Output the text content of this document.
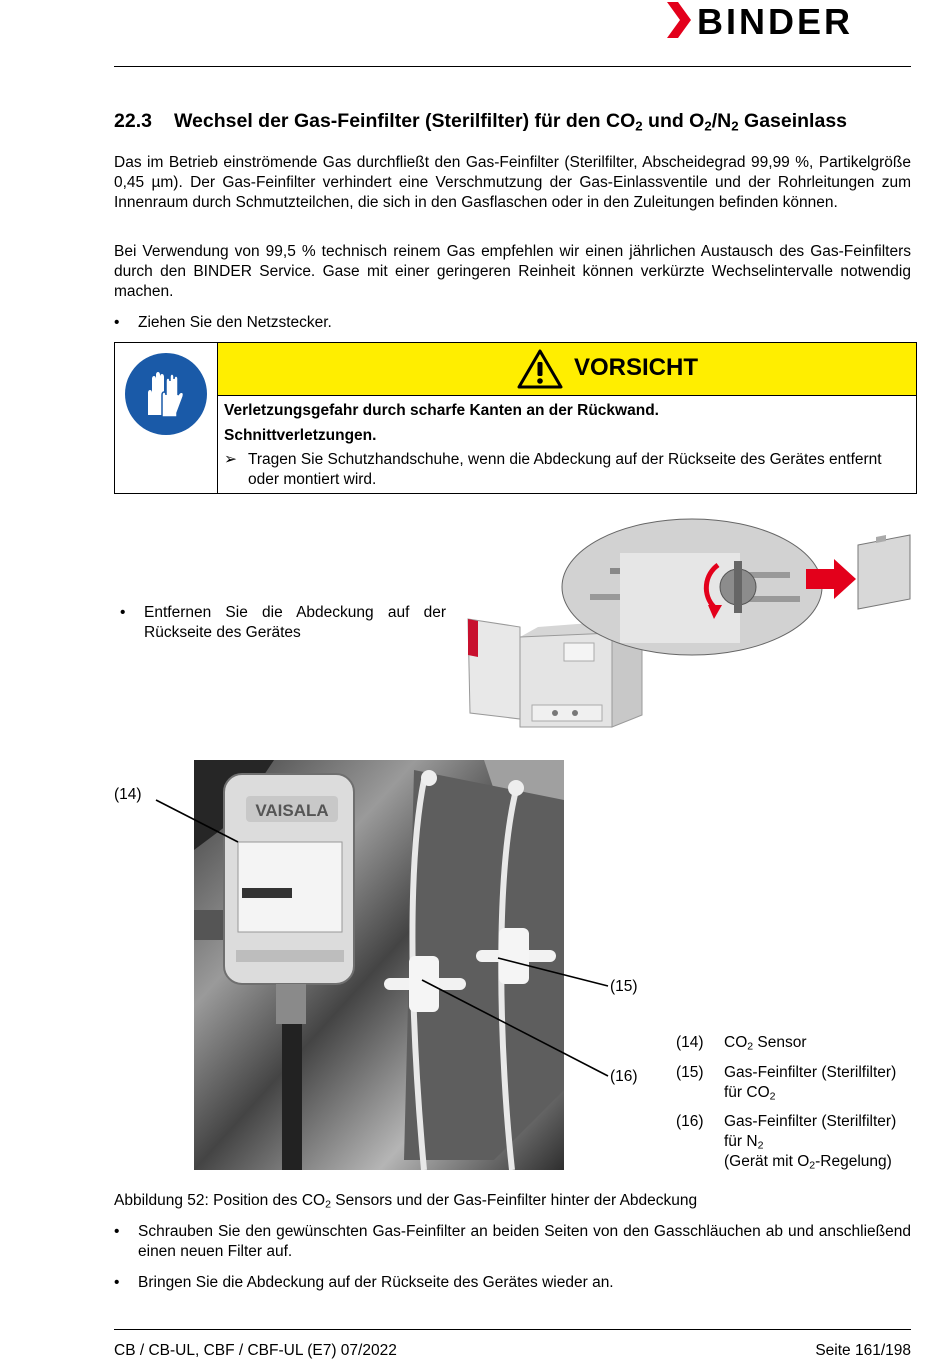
BINDER
22.3 Wechsel der Gas-Feinfilter (Sterilfilter) für den $CO_2$ und $O_2/N_2$ Gaseinlass
Das im Betrieb einströmende Gas durchfließt den Gas-Feinfilter (Sterilfilter, Abscheidegrad 99,99 %, Partikelgröße 0,45 µm). Der Gas-Feinfilter verhindert eine Verschmutzung der Gas-Einlassventile und der Rohrleitungen zum Innenraum durch Schmutzteilchen, die sich in den Gasflaschen oder in den Zuleitungen befinden können.
Bei Verwendung von 99,5 % technisch reinem Gas empfehlen wir einen jährlichen Austausch des Gas-Feinfilters durch den BINDER Service. Gase mit einer geringeren Reinheit können verkürzte Wechselintervalle notwendig machen.
• Ziehen Sie den Netzstecker.
VORSICHT
Verletzungsgefahr durch scharfe Kanten an der Rückwand.
Schnittverletzungen.
➢ Tragen Sie Schutzhandschuhe, wenn die Abdeckung auf der Rückseite des Gerätes entfernt oder montiert wird.
• Entfernen Sie die Abdeckung auf der Rückseite des Gerätes
VAISALA
(14)
(15)
(16)
(14) $CO_2$ Sensor
(15) Gas-Feinfilter (Sterilfilter)
für $CO_2$
(16) Gas-Feinfilter (Sterilfilter)
für $N_2$
(Gerät mit $O_2-Regelung$)
Abbildung 52: Position des $CO_2$ Sensors und der Gas-Feinfilter hinter der Abdeckung
• Schrauben Sie den gewünschten Gas-Feinfilter an beiden Seiten von den Gasschläuchen ab und anschließend einen neuen Filter auf.
• Bringen Sie die Abdeckung auf der Rückseite des Gerätes wieder an.
CB / CB-UL, CBF / CBF-UL (E7) 07/2022	Seite 161/198
